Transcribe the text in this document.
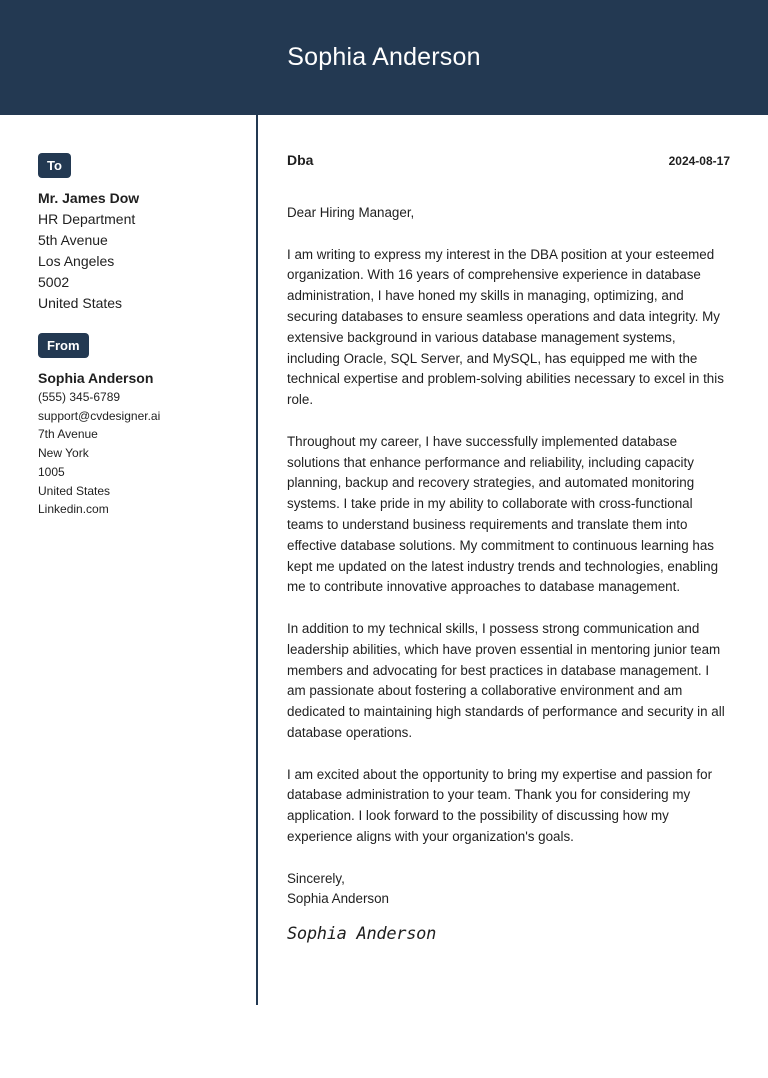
Sophia Anderson
To
Mr. James Dow
HR Department
5th Avenue
Los Angeles
5002
United States
From
Sophia Anderson
(555) 345-6789
support@cvdesigner.ai
7th Avenue
New York
1005
United States
Linkedin.com
Dba	2024-08-17
Dear Hiring Manager,
I am writing to express my interest in the DBA position at your esteemed organization. With 16 years of comprehensive experience in database administration, I have honed my skills in managing, optimizing, and securing databases to ensure seamless operations and data integrity. My extensive background in various database management systems, including Oracle, SQL Server, and MySQL, has equipped me with the technical expertise and problem-solving abilities necessary to excel in this role.
Throughout my career, I have successfully implemented database solutions that enhance performance and reliability, including capacity planning, backup and recovery strategies, and automated monitoring systems. I take pride in my ability to collaborate with cross-functional teams to understand business requirements and translate them into effective database solutions. My commitment to continuous learning has kept me updated on the latest industry trends and technologies, enabling me to contribute innovative approaches to database management.
In addition to my technical skills, I possess strong communication and leadership abilities, which have proven essential in mentoring junior team members and advocating for best practices in database management. I am passionate about fostering a collaborative environment and am dedicated to maintaining high standards of performance and security in all database operations.
I am excited about the opportunity to bring my expertise and passion for database administration to your team. Thank you for considering my application. I look forward to the possibility of discussing how my experience aligns with your organization's goals.
Sincerely,
Sophia Anderson
Sophia Anderson
